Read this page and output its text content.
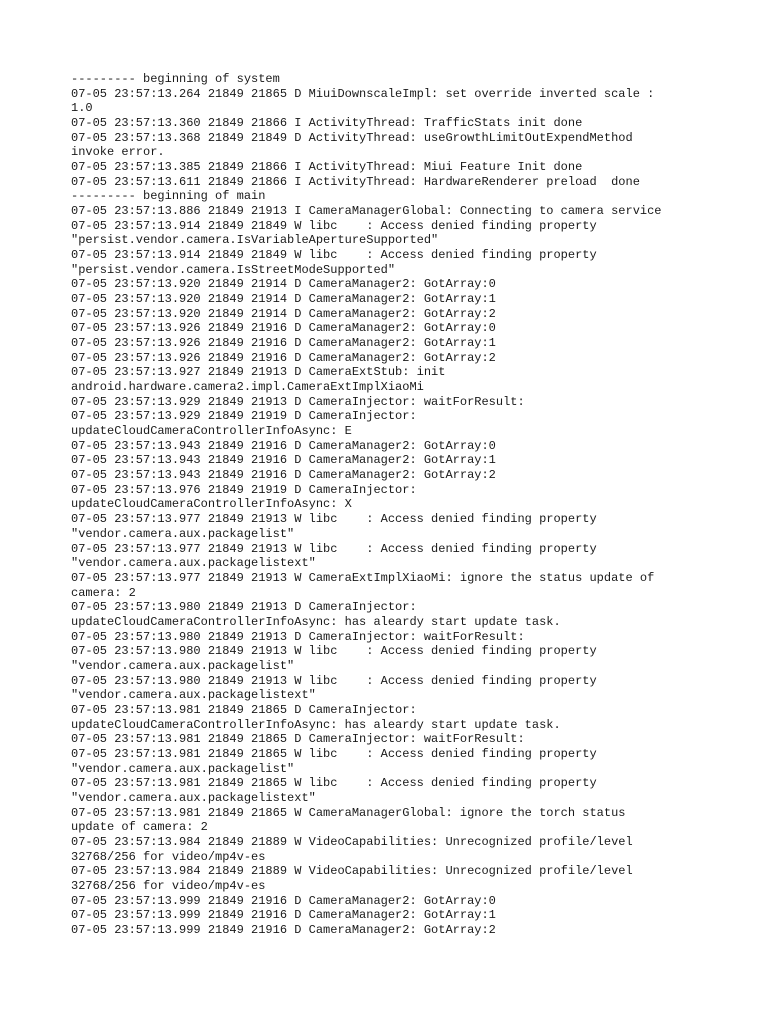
--------- beginning of system
07-05 23:57:13.264 21849 21865 D MiuiDownscaleImpl: set override inverted scale :
1.0
07-05 23:57:13.360 21849 21866 I ActivityThread: TrafficStats init done
07-05 23:57:13.368 21849 21849 D ActivityThread: useGrowthLimitOutExpendMethod
invoke error.
07-05 23:57:13.385 21849 21866 I ActivityThread: Miui Feature Init done
07-05 23:57:13.611 21849 21866 I ActivityThread: HardwareRenderer preload  done
--------- beginning of main
07-05 23:57:13.886 21849 21913 I CameraManagerGlobal: Connecting to camera service
07-05 23:57:13.914 21849 21849 W libc    : Access denied finding property
"persist.vendor.camera.IsVariableApertureSupported"
07-05 23:57:13.914 21849 21849 W libc    : Access denied finding property
"persist.vendor.camera.IsStreetModeSupported"
07-05 23:57:13.920 21849 21914 D CameraManager2: GotArray:0
07-05 23:57:13.920 21849 21914 D CameraManager2: GotArray:1
07-05 23:57:13.920 21849 21914 D CameraManager2: GotArray:2
07-05 23:57:13.926 21849 21916 D CameraManager2: GotArray:0
07-05 23:57:13.926 21849 21916 D CameraManager2: GotArray:1
07-05 23:57:13.926 21849 21916 D CameraManager2: GotArray:2
07-05 23:57:13.927 21849 21913 D CameraExtStub: init
android.hardware.camera2.impl.CameraExtImplXiaoMi
07-05 23:57:13.929 21849 21913 D CameraInjector: waitForResult:
07-05 23:57:13.929 21849 21919 D CameraInjector:
updateCloudCameraControllerInfoAsync: E
07-05 23:57:13.943 21849 21916 D CameraManager2: GotArray:0
07-05 23:57:13.943 21849 21916 D CameraManager2: GotArray:1
07-05 23:57:13.943 21849 21916 D CameraManager2: GotArray:2
07-05 23:57:13.976 21849 21919 D CameraInjector:
updateCloudCameraControllerInfoAsync: X
07-05 23:57:13.977 21849 21913 W libc    : Access denied finding property
"vendor.camera.aux.packagelist"
07-05 23:57:13.977 21849 21913 W libc    : Access denied finding property
"vendor.camera.aux.packagelistext"
07-05 23:57:13.977 21849 21913 W CameraExtImplXiaoMi: ignore the status update of
camera: 2
07-05 23:57:13.980 21849 21913 D CameraInjector:
updateCloudCameraControllerInfoAsync: has aleardy start update task.
07-05 23:57:13.980 21849 21913 D CameraInjector: waitForResult:
07-05 23:57:13.980 21849 21913 W libc    : Access denied finding property
"vendor.camera.aux.packagelist"
07-05 23:57:13.980 21849 21913 W libc    : Access denied finding property
"vendor.camera.aux.packagelistext"
07-05 23:57:13.981 21849 21865 D CameraInjector:
updateCloudCameraControllerInfoAsync: has aleardy start update task.
07-05 23:57:13.981 21849 21865 D CameraInjector: waitForResult:
07-05 23:57:13.981 21849 21865 W libc    : Access denied finding property
"vendor.camera.aux.packagelist"
07-05 23:57:13.981 21849 21865 W libc    : Access denied finding property
"vendor.camera.aux.packagelistext"
07-05 23:57:13.981 21849 21865 W CameraManagerGlobal: ignore the torch status
update of camera: 2
07-05 23:57:13.984 21849 21889 W VideoCapabilities: Unrecognized profile/level
32768/256 for video/mp4v-es
07-05 23:57:13.984 21849 21889 W VideoCapabilities: Unrecognized profile/level
32768/256 for video/mp4v-es
07-05 23:57:13.999 21849 21916 D CameraManager2: GotArray:0
07-05 23:57:13.999 21849 21916 D CameraManager2: GotArray:1
07-05 23:57:13.999 21849 21916 D CameraManager2: GotArray:2
